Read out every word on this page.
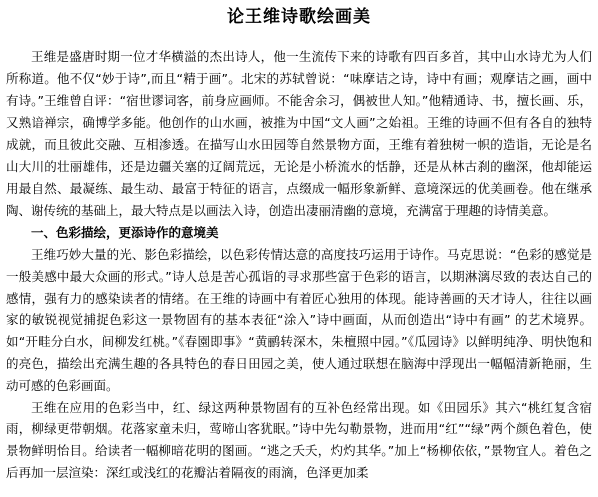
论王维诗歌绘画美

王维是盛唐时期一位才华横溢的杰出诗人，他一生流传下来的诗歌有四百多首，其中山水诗尤为人们所称道。他不仅“妙于诗”,而且“精于画”。北宋的苏轼曾说：“味摩诘之诗，诗中有画；观摩诘之画，画中有诗。”王维曾自评：“宿世谬词客，前身应画师。不能舍余习，偶被世人知。”他精通诗、书，擅长画、乐，又熟谙禅宗，确博学多能。他创作的山水画，被推为中国“文人画”之始祖。王维的诗画不但有各自的独特成就，而且彼此交融、互相渗透。在描写山水田园等自然景物方面，王维有着独树一帜的造诣，无论是名山大川的壮丽雄伟，还是边疆关塞的辽阔荒远，无论是小桥流水的恬静，还是从林古刹的幽深，他却能运用最自然、最凝练、最生动、最富于特征的语言，点缀成一幅形象新鲜、意境深远的优美画卷。他在继承陶、谢传统的基础上，最大特点是以画法入诗，创造出凄丽清幽的意境，充满富于理趣的诗情美意。

一、色彩描绘，更添诗作的意境美

王维巧妙大量的光、影色彩描绘，以色彩传情达意的高度技巧运用于诗作。马克思说：“色彩的感觉是一般美感中最大众画的形式。”诗人总是苦心孤诣的寻求那些富于色彩的语言，以期淋漓尽致的表达自己的感情，强有力的感染读者的情绪。在王维的诗画中有着匠心独用的体现。能诗善画的天才诗人，往往以画家的敏锐视觉捕捉色彩这一景物固有的基本表征“涂入”诗中画面，从而创造出“诗中有画” 的艺术境界。如“开畦分白水，间柳发红桃。”《春園即事》“黄鹂转深木，朱檀照中园。”《瓜园诗》以鲜明纯净、明快饱和的亮色，描绘出充满生趣的各具特色的春日田园之美，使人通过联想在脑海中浮现出一幅幅清新艳丽，生动可感的色彩画面。

王维在应用的色彩当中，红、绿这两种景物固有的互补色经常出现。如《田园乐》其六“桃红复含宿雨，柳绿更带朝烟。花落家童未归，莺啼山客犹眠。”诗中先勾勒景物，进而用“红”“绿”两个颜色着色，使景物鲜明怡目。给读者一幅柳暗花明的图画。“逃之夭夭，灼灼其华。”加上“杨柳依依，”景物宜人。着色之后再加一层渲染：深红或浅红的花瓣沾着隔夜的雨滴，色泽更加柔
